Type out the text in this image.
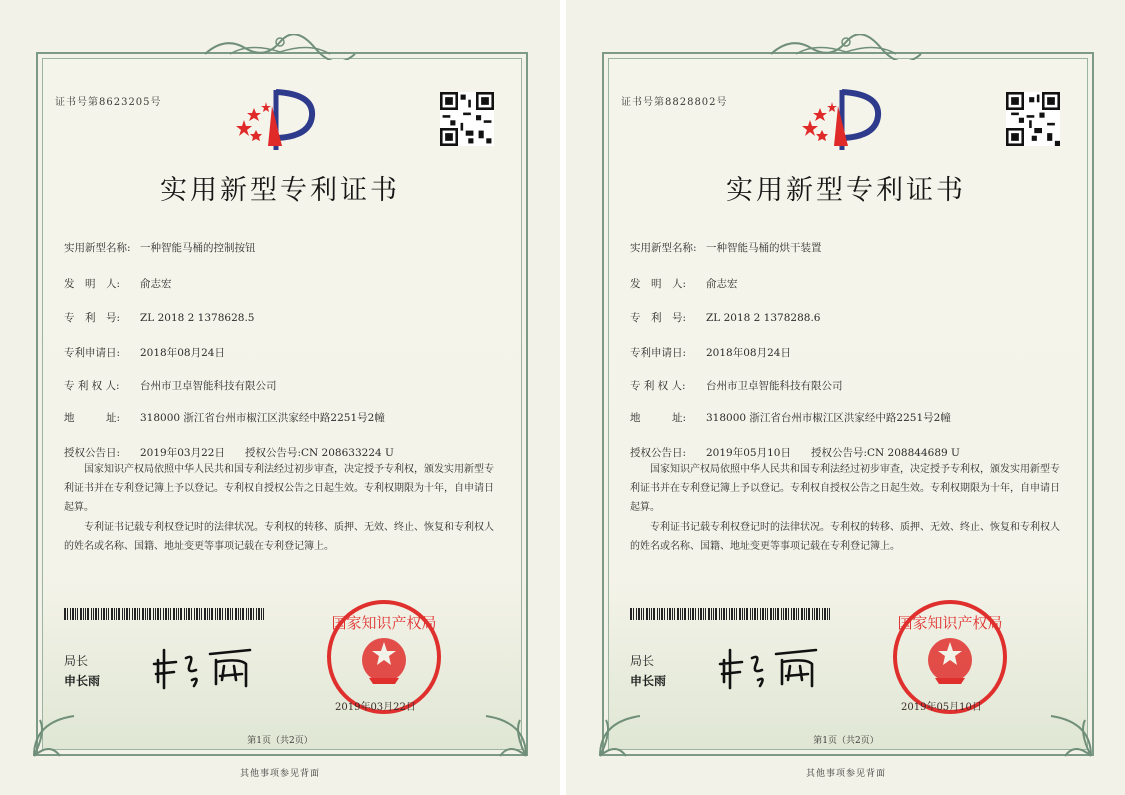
证书号第8623205号
实用新型专利证书
实用新型名称: 一种智能马桶的控制按钮
发　明　人: 俞志宏
专　利　号: ZL 2018 2 1378628.5
专利申请日: 2018年08月24日
专 利 权 人: 台州市卫卓智能科技有限公司
地　　　址: 318000 浙江省台州市椒江区洪家经中路2251号2幢
授权公告日: 2019年03月22日 授权公告号:CN 208633224 U
国家知识产权局依照中华人民共和国专利法经过初步审查，决定授予专利权，颁发实用新型专利证书并在专利登记簿上予以登记。专利权自授权公告之日起生效。专利权期限为十年，自申请日起算。
专利证书记载专利权登记时的法律状况。专利权的转移、质押、无效、终止、恢复和专利权人的姓名或名称、国籍、地址变更等事项记载在专利登记簿上。
局长
申长雨
国家知识产权局
2019年03月22日
第1页（共2页）
其他事项参见背面
证书号第8828802号
实用新型专利证书
实用新型名称: 一种智能马桶的烘干装置
发　明　人: 俞志宏
专　利　号: ZL 2018 2 1378288.6
专利申请日: 2018年08月24日
专 利 权 人: 台州市卫卓智能科技有限公司
地　　　址: 318000 浙江省台州市椒江区洪家经中路2251号2幢
授权公告日: 2019年05月10日 授权公告号:CN 208844689 U
国家知识产权局依照中华人民共和国专利法经过初步审查，决定授予专利权，颁发实用新型专利证书并在专利登记簿上予以登记。专利权自授权公告之日起生效。专利权期限为十年，自申请日起算。
专利证书记载专利权登记时的法律状况。专利权的转移、质押、无效、终止、恢复和专利权人的姓名或名称、国籍、地址变更等事项记载在专利登记簿上。
局长
申长雨
国家知识产权局
2019年05月10日
第1页（共2页）
其他事项参见背面
